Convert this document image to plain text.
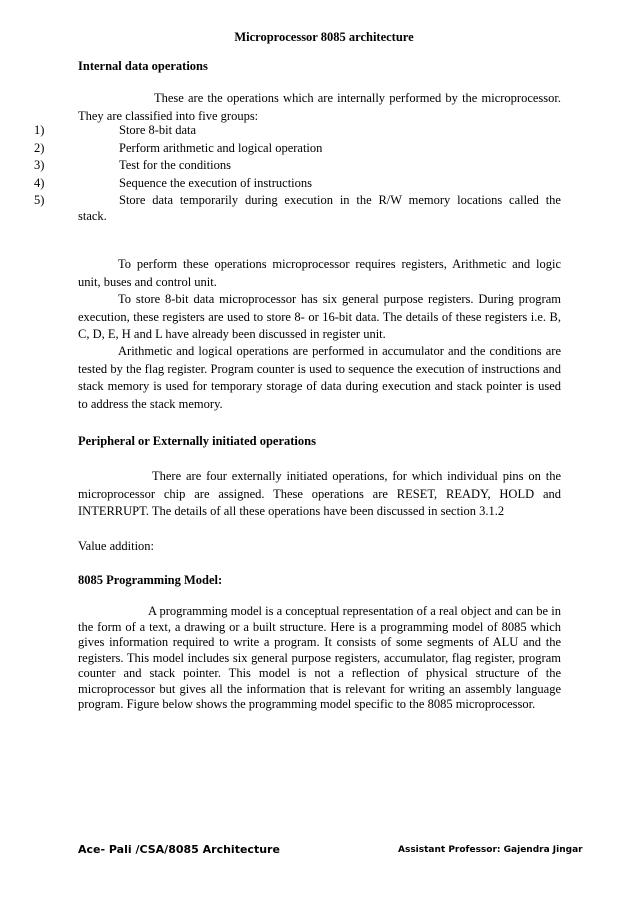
Microprocessor 8085 architecture
Internal data operations

These are the operations which are internally performed by the microprocessor. They are classified into five groups:

1)	Store 8-bit data
2)	Perform arithmetic and logical operation
3)	Test for the conditions
4)	Sequence the execution of instructions
5)	Store data temporarily during execution in the R/W memory locations called the
stack.

To perform these operations microprocessor requires registers, Arithmetic and logic unit, buses and control unit.

To store 8-bit data microprocessor has six general purpose registers. During program execution, these registers are used to store 8- or 16-bit data. The details of these registers i.e. B, C, D, E, H and L have already been discussed in register unit.

Arithmetic and logical operations are performed in accumulator and the conditions are tested by the flag register. Program counter is used to sequence the execution of instructions and stack memory is used for temporary storage of data during execution and stack pointer is used to address the stack memory.

Peripheral or Externally initiated operations

There are four externally initiated operations, for which individual pins on the microprocessor chip are assigned. These operations are RESET, READY, HOLD and INTERRUPT. The details of all these operations have been discussed in section 3.1.2

Value addition:
8085 Programming Model:

A programming model is a conceptual representation of a real object and can be in the form of a text, a drawing or a built structure. Here is a programming model of 8085 which gives information required to write a program. It consists of some segments of ALU and the registers. This model includes six general purpose registers, accumulator, flag register, program counter and stack pointer. This model is not a reflection of physical structure of the microprocessor but gives all the information that is relevant for writing an assembly language program. Figure below shows the programming model specific to the 8085 microprocessor.

Ace- Pali /CSA/8085 Architecture	Assistant Professor: Gajendra Jingar
